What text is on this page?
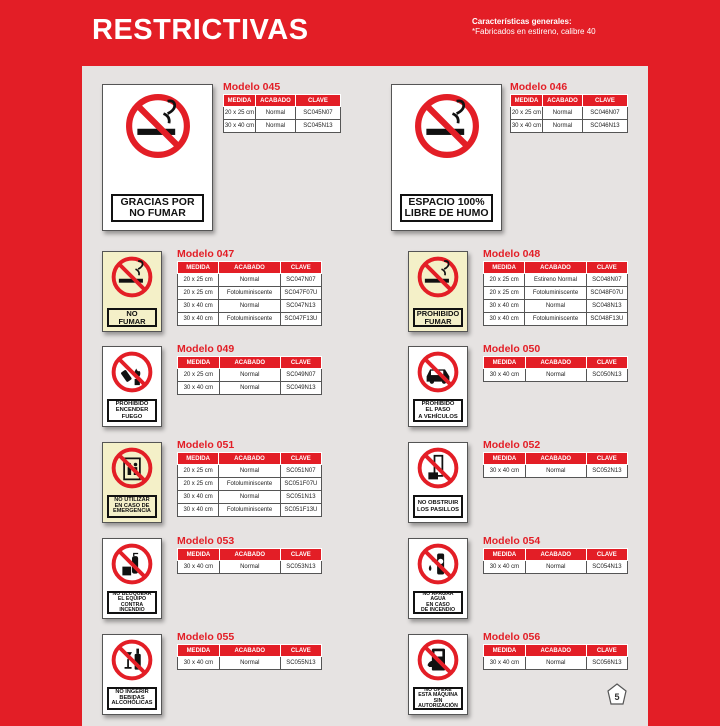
RESTRICTIVAS	Características generales:
*Fabricados en estireno, calibre 40
GRACIAS POR
NO FUMAR
Modelo 045
MEDIDA	ACABADO	CLAVE
20 x 25 cm	Normal	SC045N07
30 x 40 cm	Normal	SC045N13
ESPACIO 100%
LIBRE DE HUMO
Modelo 046
MEDIDA	ACABADO	CLAVE
20 x 25 cm	Normal	SC046N07
30 x 40 cm	Normal	SC046N13
NO
FUMAR
Modelo 047
MEDIDA	ACABADO	CLAVE
20 x 25 cm	Normal	SC047N07
20 x 25 cm	Fotoluminiscente	SC047F07U
30 x 40 cm	Normal	SC047N13
30 x 40 cm	Fotoluminiscente	SC047F13U
PROHIBIDO
FUMAR
Modelo 048
MEDIDA	ACABADO	CLAVE
20 x 25 cm	Estireno Normal	SC048N07
20 x 25 cm	Fotoluminiscente	SC048F07U
30 x 40 cm	Normal	SC048N13
30 x 40 cm	Fotoluminiscente	SC048F13U
PROHIBIDO
ENCENDER
FUEGO
Modelo 049
MEDIDA	ACABADO	CLAVE
20 x 25 cm	Normal	SC049N07
30 x 40 cm	Normal	SC049N13
PROHIBIDO
EL PASO
A VEHÍCULOS
Modelo 050
MEDIDA	ACABADO	CLAVE
30 x 40 cm	Normal	SC050N13
NO UTILIZAR
EN CASO DE
EMERGENCIA
Modelo 051
MEDIDA	ACABADO	CLAVE
20 x 25 cm	Normal	SC051N07
20 x 25 cm	Fotoluminiscente	SC051F07U
30 x 40 cm	Normal	SC051N13
30 x 40 cm	Fotoluminiscente	SC051F13U
NO OBSTRUIR
LOS PASILLOS
Modelo 052
MEDIDA	ACABADO	CLAVE
30 x 40 cm	Normal	SC052N13
NO BLOQUEAR
EL EQUIPO
CONTRA INCENDIO
Modelo 053
MEDIDA	ACABADO	CLAVE
30 x 40 cm	Normal	SC053N13
NO APAGAR AGUA
EN CASO
DE INCENDIO
Modelo 054
MEDIDA	ACABADO	CLAVE
30 x 40 cm	Normal	SC054N13
NO INGERIR
BEBIDAS
ALCOHÓLICAS
Modelo 055
MEDIDA	ACABADO	CLAVE
30 x 40 cm	Normal	SC055N13
NO OPERE
ESTA MÁQUINA
SIN AUTORIZACIÓN
Modelo 056
MEDIDA	ACABADO	CLAVE
30 x 40 cm	Normal	SC056N13
5
